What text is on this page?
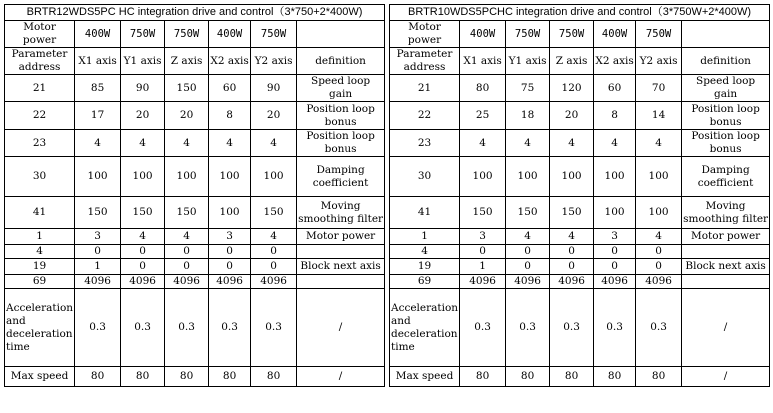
BRTR12WDS5PC HC integration drive and control（3*750+2*400W)						
Motor power	400W	750W	750W	400W	750W	
Parameter address	X1 axis	Y1 axis	Z axis	X2 axis	Y2 axis	definition
21	85	90	150	60	90	Speed loop gain
22	17	20	20	8	20	Position loop bonus
23	4	4	4	4	4	Position loop bonus
30	100	100	100	100	100	Damping coefficient
41	150	150	150	100	150	Moving smoothing filter
1	3	4	4	3	4	Motor power
4	0	0	0	0	0	
19	1	0	0	0	0	Block next axis
69	4096	4096	4096	4096	4096	
Acceleration and deceleration time	0.3	0.3	0.3	0.3	0.3	/
Max speed	80	80	80	80	80	/
BRTR10WDS5PCHC integration drive and control（3*750W+2*400W)						
Motor power	400W	750W	750W	400W	750W	
Parameter address	X1 axis	Y1 axis	Z axis	X2 axis	Y2 axis	definition
21	80	75	120	60	70	Speed loop gain
22	25	18	20	8	14	Position loop bonus
23	4	4	4	4	4	Position loop bonus
30	100	100	100	100	100	Damping coefficient
41	150	150	150	100	100	Moving smoothing filter
1	3	4	4	3	4	Motor power
4	0	0	0	0	0	
19	1	0	0	0	0	Block next axis
69	4096	4096	4096	4096	4096	
Acceleration and deceleration time	0.3	0.3	0.3	0.3	0.3	/
Max speed	80	80	80	80	80	/
